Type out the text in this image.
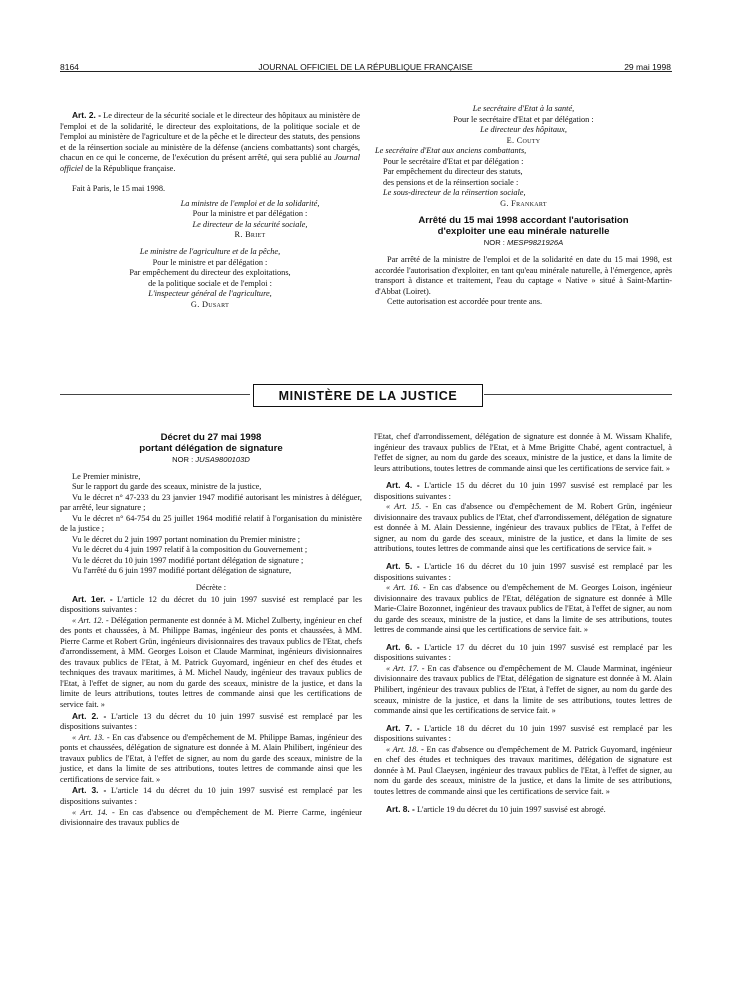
8164	JOURNAL OFFICIEL DE LA RÉPUBLIQUE FRANÇAISE	29 mai 1998

Art. 2. - Le directeur de la sécurité sociale et le directeur des hôpitaux au ministère de l'emploi et de la solidarité, le directeur des exploitations, de la politique sociale et de l'emploi au ministère de l'agriculture et de la pêche et le directeur des statuts, des pensions et de la réinsertion sociale au ministère de la défense (anciens combattants) sont chargés, chacun en ce qui le concerne, de l'exécution du présent arrêté, qui sera publié au Journal officiel de la République française.

Fait à Paris, le 15 mai 1998.

La ministre de l'emploi et de la solidarité,

Pour la ministre et par délégation :

Le directeur de la sécurité sociale,

R. Briet

Le ministre de l'agriculture et de la pêche,

Pour le ministre et par délégation :

Par empêchement du directeur des exploitations,

de la politique sociale et de l'emploi :

L'inspecteur général de l'agriculture,

G. Dusart

Le secrétaire d'Etat à la santé,

Pour le secrétaire d'Etat et par délégation :

Le directeur des hôpitaux,

E. Couty

Le secrétaire d'Etat aux anciens combattants,

Pour le secrétaire d'Etat et par délégation :

Par empêchement du directeur des statuts,

des pensions et de la réinsertion sociale :

Le sous-directeur de la réinsertion sociale,

G. Frankart

Arrêté du 15 mai 1998 accordant l'autorisation
d'exploiter une eau minérale naturelle
NOR : MESP9821926A

Par arrêté de la ministre de l'emploi et de la solidarité en date du 15 mai 1998, est accordée l'autorisation d'exploiter, en tant qu'eau minérale naturelle, à l'émergence, après transport à distance et traitement, l'eau du captage « Native » situé à Saint-Martin-d'Abbat (Loiret).

Cette autorisation est accordée pour trente ans.

MINISTÈRE DE LA JUSTICE
Décret du 27 mai 1998
portant délégation de signature
NOR : JUSA9800103D

Le Premier ministre,

Sur le rapport du garde des sceaux, ministre de la justice,

Vu le décret n° 47-233 du 23 janvier 1947 modifié autorisant les ministres à déléguer, par arrêté, leur signature ;

Vu le décret n° 64-754 du 25 juillet 1964 modifié relatif à l'organisation du ministère de la justice ;

Vu le décret du 2 juin 1997 portant nomination du Premier ministre ;

Vu le décret du 4 juin 1997 relatif à la composition du Gouvernement ;

Vu le décret du 10 juin 1997 modifié portant délégation de signature ;

Vu l'arrêté du 6 juin 1997 modifié portant délégation de signature,

Décrète :

Art. 1er. - L'article 12 du décret du 10 juin 1997 susvisé est remplacé par les dispositions suivantes :

« Art. 12. - Délégation permanente est donnée à M. Michel Zulberty, ingénieur en chef des ponts et chaussées, à M. Philippe Bamas, ingénieur des ponts et chaussées, à MM. Pierre Carme et Robert Grün, ingénieurs divisionnaires des travaux publics de l'Etat, chefs d'arrondissement, à MM. Georges Loison et Claude Marminat, ingénieurs divisionnaires des travaux publics de l'Etat, à M. Patrick Guyomard, ingénieur en chef des études et techniques des travaux maritimes, à M. Michel Naudy, ingénieur des travaux publics de l'Etat, à l'effet de signer, au nom du garde des sceaux, ministre de la justice, et dans la limite de leurs attributions, toutes lettres de commande ainsi que les certifications de service fait. »

Art. 2. - L'article 13 du décret du 10 juin 1997 susvisé est remplacé par les dispositions suivantes :

« Art. 13. - En cas d'absence ou d'empêchement de M. Philippe Bamas, ingénieur des ponts et chaussées, délégation de signature est donnée à M. Alain Philibert, ingénieur des travaux publics de l'Etat, à l'effet de signer, au nom du garde des sceaux, ministre de la justice, et dans la limite de ses attributions, toutes lettres de commande ainsi que les certifications de service fait. »

Art. 3. - L'article 14 du décret du 10 juin 1997 susvisé est remplacé par les dispositions suivantes :

« Art. 14. - En cas d'absence ou d'empêchement de M. Pierre Carme, ingénieur divisionnaire des travaux publics de

l'Etat, chef d'arrondissement, délégation de signature est donnée à M. Wissam Khalife, ingénieur des travaux publics de l'Etat, et à Mme Brigitte Chabé, agent contractuel, à l'effet de signer, au nom du garde des sceaux, ministre de la justice, et dans la limite de leurs attributions, toutes lettres de commande ainsi que les certifications de service fait. »

Art. 4. - L'article 15 du décret du 10 juin 1997 susvisé est remplacé par les dispositions suivantes :

« Art. 15. - En cas d'absence ou d'empêchement de M. Robert Grün, ingénieur divisionnaire des travaux publics de l'Etat, chef d'arrondissement, délégation de signature est donnée à M. Alain Dessienne, ingénieur des travaux publics de l'Etat, à l'effet de signer, au nom du garde des sceaux, ministre de la justice, et dans la limite de ses attributions, toutes lettres de commande ainsi que les certifications de service fait. »

Art. 5. - L'article 16 du décret du 10 juin 1997 susvisé est remplacé par les dispositions suivantes :

« Art. 16. - En cas d'absence ou d'empêchement de M. Georges Loison, ingénieur divisionnaire des travaux publics de l'Etat, délégation de signature est donnée à Mlle Marie-Claire Bozonnet, ingénieur des travaux publics de l'Etat, à l'effet de signer, au nom du garde des sceaux, ministre de la justice, et dans la limite de ses attributions, toutes lettres de commande ainsi que les certifications de service fait. »

Art. 6. - L'article 17 du décret du 10 juin 1997 susvisé est remplacé par les dispositions suivantes :

« Art. 17. - En cas d'absence ou d'empêchement de M. Claude Marminat, ingénieur divisionnaire des travaux publics de l'Etat, délégation de signature est donnée à M. Alain Philibert, ingénieur des travaux publics de l'Etat, à l'effet de signer, au nom du garde des sceaux, ministre de la justice, et dans la limite de ses attributions, toutes lettres de commande ainsi que les certifications de service fait. »

Art. 7. - L'article 18 du décret du 10 juin 1997 susvisé est remplacé par les dispositions suivantes :

« Art. 18. - En cas d'absence ou d'empêchement de M. Patrick Guyomard, ingénieur en chef des études et techniques des travaux maritimes, délégation de signature est donnée à M. Paul Claeysen, ingénieur des travaux publics de l'Etat, à l'effet de signer, au nom du garde des sceaux, ministre de la justice, et dans la limite de ses attributions, toutes lettres de commande ainsi que les certifications de service fait. »

Art. 8. - L'article 19 du décret du 10 juin 1997 susvisé est abrogé.
